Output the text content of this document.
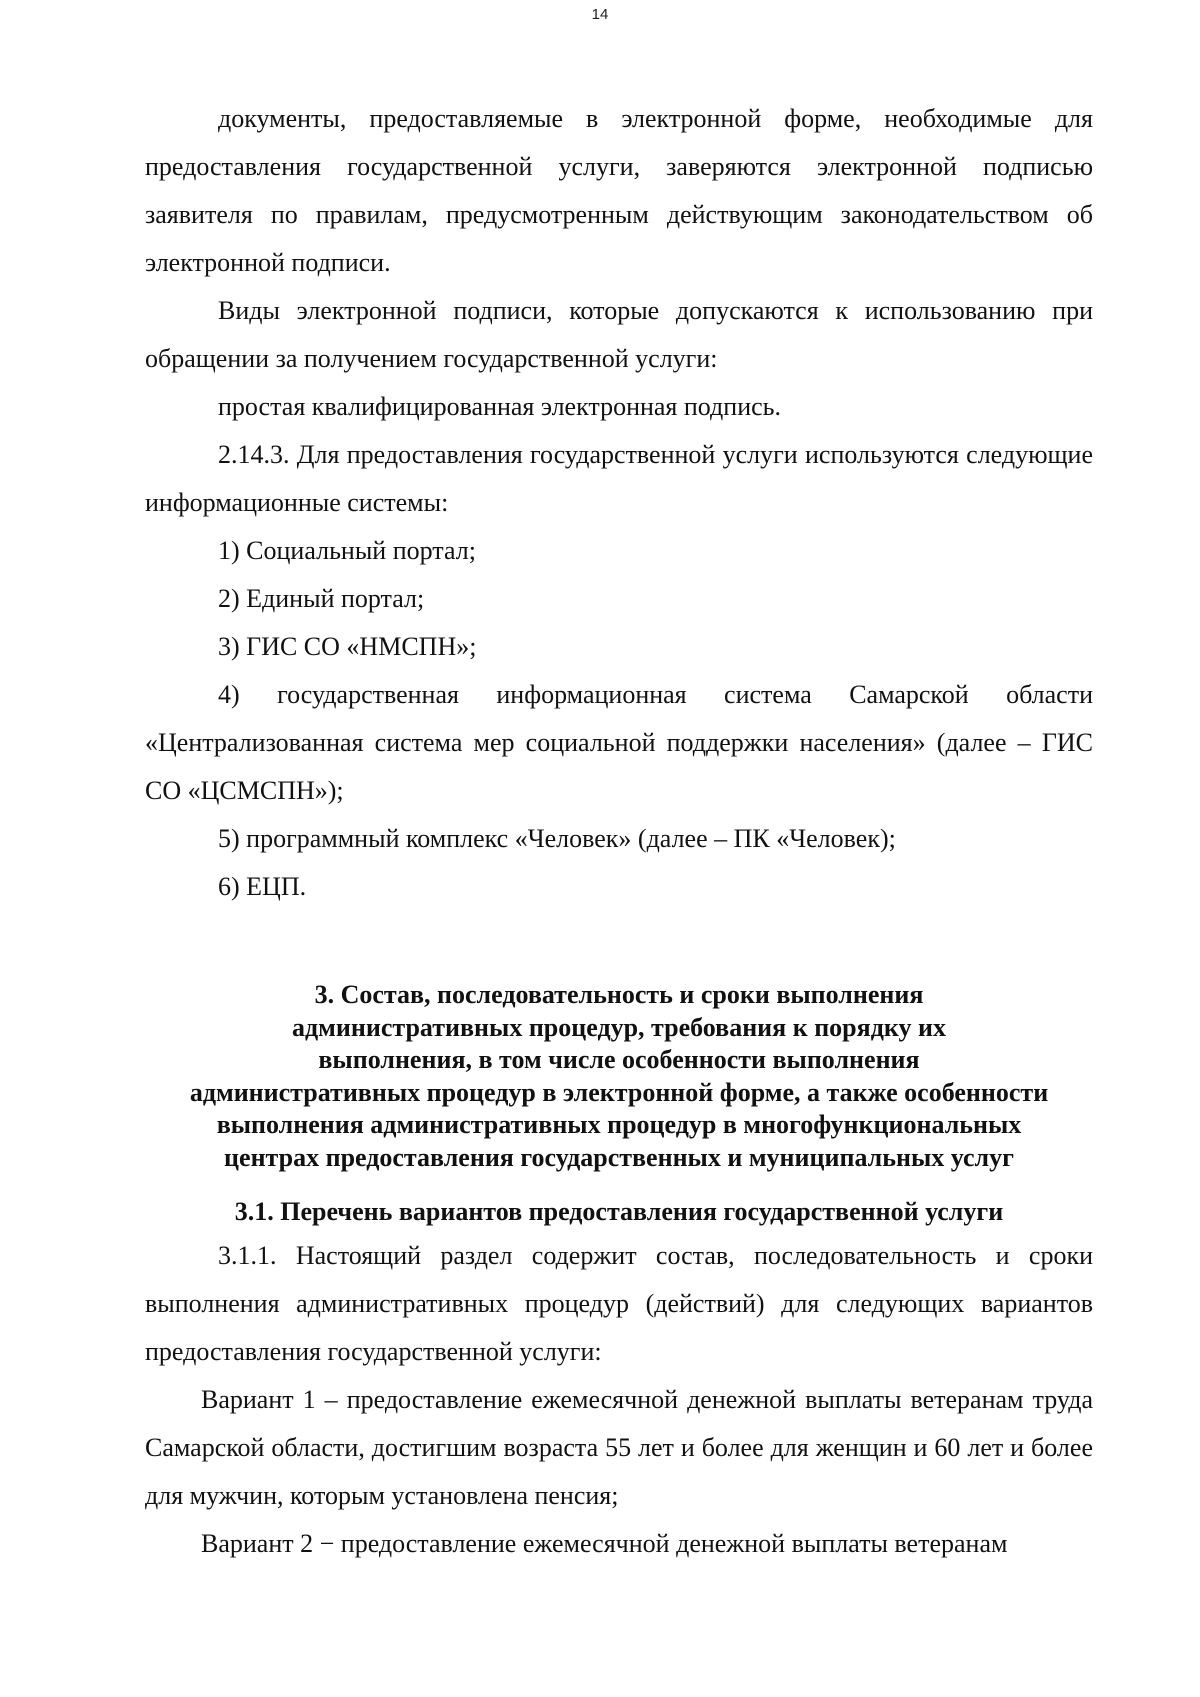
14

документы, предоставляемые в электронной форме, необходимые для предоставления государственной услуги, заверяются электронной подписью заявителя по правилам, предусмотренным действующим законодательством об электронной подписи.

Виды электронной подписи, которые допускаются к использованию при обращении за получением государственной услуги:

простая квалифицированная электронная подпись.

2.14.3. Для предоставления государственной услуги используются следующие информационные системы:

1) Социальный портал;

2) Единый портал;

3) ГИС СО «НМСПН»;

4) государственная информационная система Самарской области «Централизованная система мер социальной поддержки населения» (далее – ГИС СО «ЦСМСПН»);

5) программный комплекс «Человек» (далее – ПК «Человек);

6) ЕЦП.

3. Состав, последовательность и сроки выполнения

административных процедур, требования к порядку их

выполнения, в том числе особенности выполнения

административных процедур в электронной форме, а также особенности

выполнения административных процедур в многофункциональных

центрах предоставления государственных и муниципальных услуг

3.1. Перечень вариантов предоставления государственной услуги

3.1.1. Настоящий раздел содержит состав, последовательность и сроки выполнения административных процедур (действий) для следующих вариантов предоставления государственной услуги:

Вариант 1 – предоставление ежемесячной денежной выплаты ветеранам труда Самарской области, достигшим возраста 55 лет и более для женщин и 60 лет и более для мужчин, которым установлена пенсия;

Вариант 2 − предоставление ежемесячной денежной выплаты ветеранам
